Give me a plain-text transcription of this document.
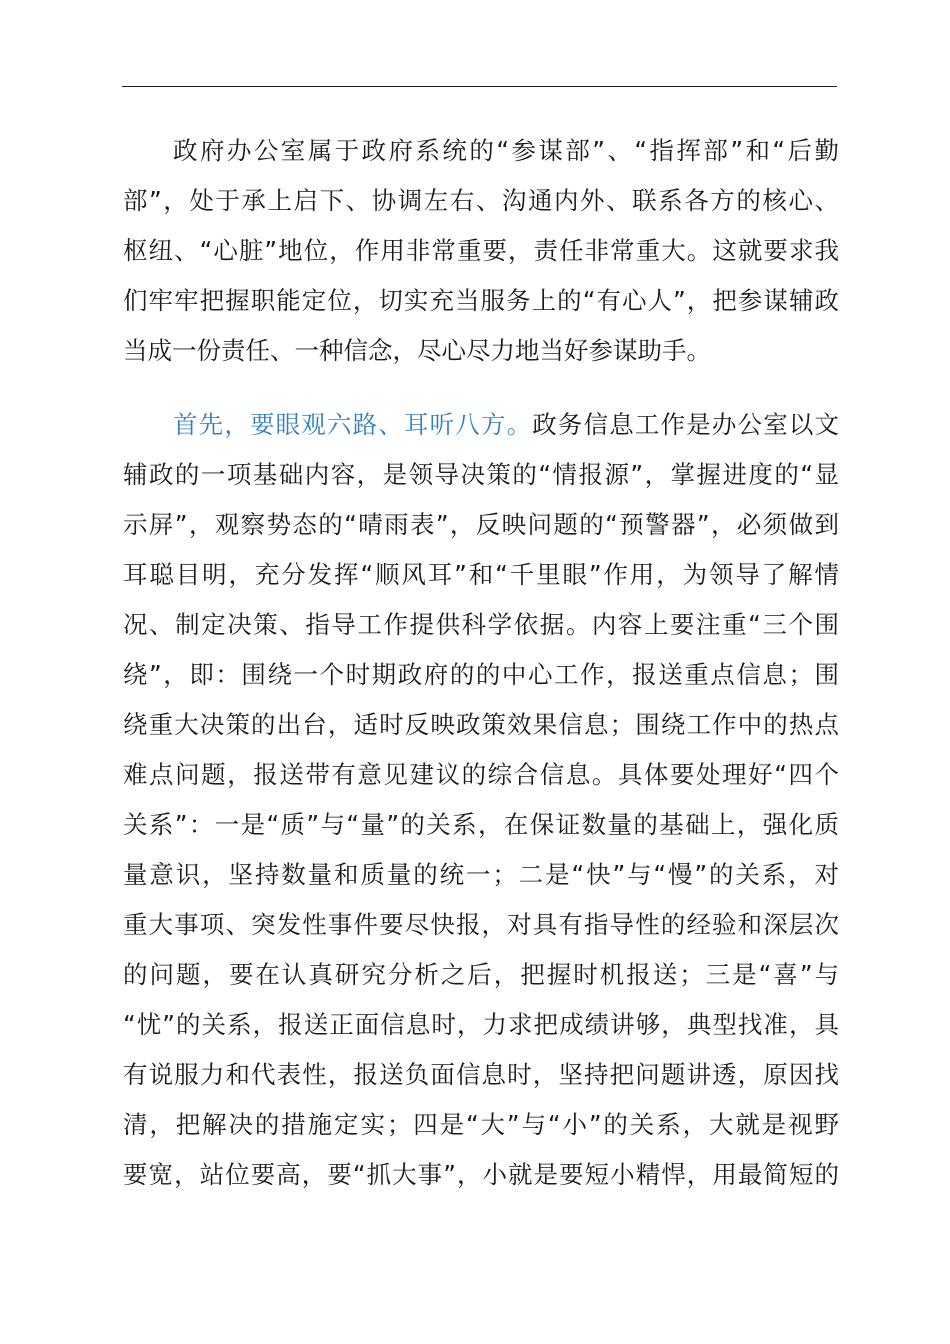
政府办公室属于政府系统的“参谋部”、“指挥部”和“后勤
部”，处于承上启下、协调左右、沟通内外、联系各方的核心、
枢纽、“心脏”地位，作用非常重要，责任非常重大。这就要求我
们牢牢把握职能定位，切实充当服务上的“有心人”，把参谋辅政
当成一份责任、一种信念，尽心尽力地当好参谋助手。
首先，要眼观六路、耳听八方。政务信息工作是办公室以文
辅政的一项基础内容，是领导决策的“情报源”，掌握进度的“显
示屏”，观察势态的“晴雨表”，反映问题的“预警器”，必须做到
耳聪目明，充分发挥“顺风耳”和“千里眼”作用，为领导了解情
况、制定决策、指导工作提供科学依据。内容上要注重“三个围
绕”，即：围绕一个时期政府的的中心工作，报送重点信息；围
绕重大决策的出台，适时反映政策效果信息；围绕工作中的热点
难点问题，报送带有意见建议的综合信息。具体要处理好“四个
关系”：一是“质”与“量”的关系，在保证数量的基础上，强化质
量意识，坚持数量和质量的统一；二是“快”与“慢”的关系，对
重大事项、突发性事件要尽快报，对具有指导性的经验和深层次
的问题，要在认真研究分析之后，把握时机报送；三是“喜”与
“忧”的关系，报送正面信息时，力求把成绩讲够，典型找准，具
有说服力和代表性，报送负面信息时，坚持把问题讲透，原因找
清，把解决的措施定实；四是“大”与“小”的关系，大就是视野
要宽，站位要高，要“抓大事”，小就是要短小精悍，用最简短的
